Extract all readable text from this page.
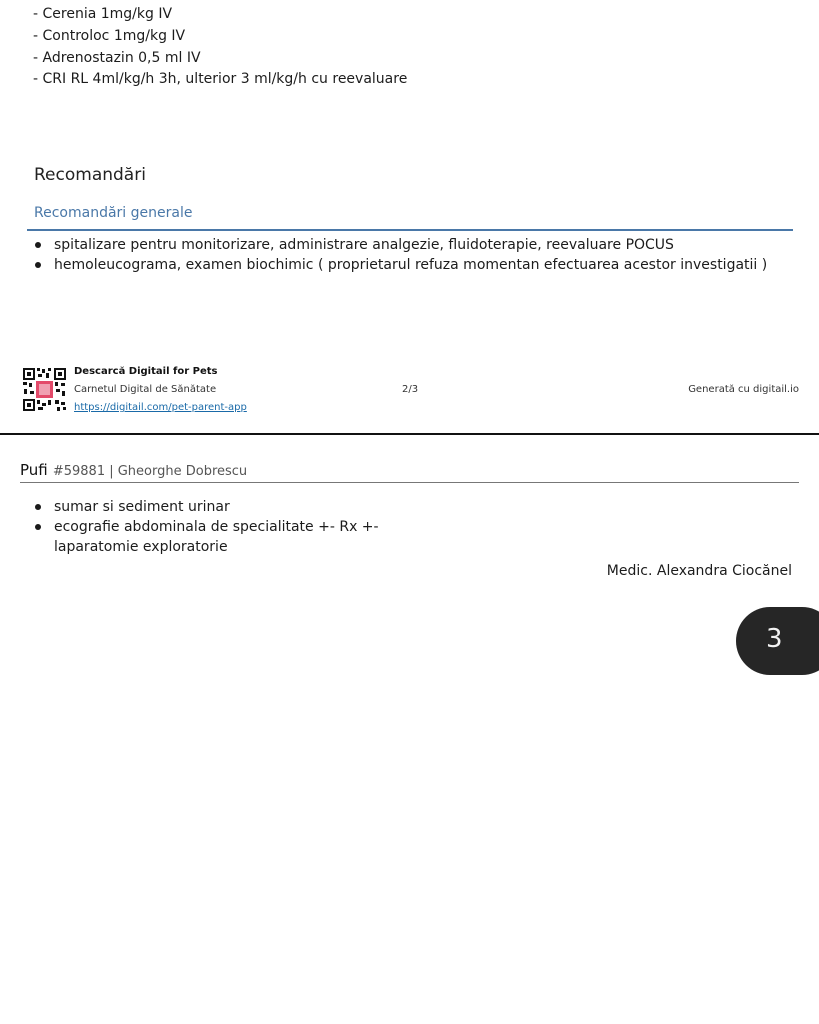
- Cerenia 1mg/kg IV
- Controloc 1mg/kg IV
- Adrenostazin 0,5 ml IV
- CRI RL 4ml/kg/h 3h, ulterior 3 ml/kg/h cu reevaluare
Recomandări
Recomandări generale
spitalizare pentru monitorizare, administrare analgezie, fluidoterapie, reevaluare POCUS
hemoleucograma, examen biochimic ( proprietarul refuza momentan efectuarea acestor investigatii )
Descarcă Digitail for Pets
Carnetul Digital de Sănătate
https://digitail.com/pet-parent-app
2/3	Generată cu digitail.io
Pufi #59881 | Gheorghe Dobrescu
sumar si sediment urinar
ecografie abdominala de specialitate +- Rx +- laparatomie exploratorie
Medic. Alexandra Ciocănel
3
